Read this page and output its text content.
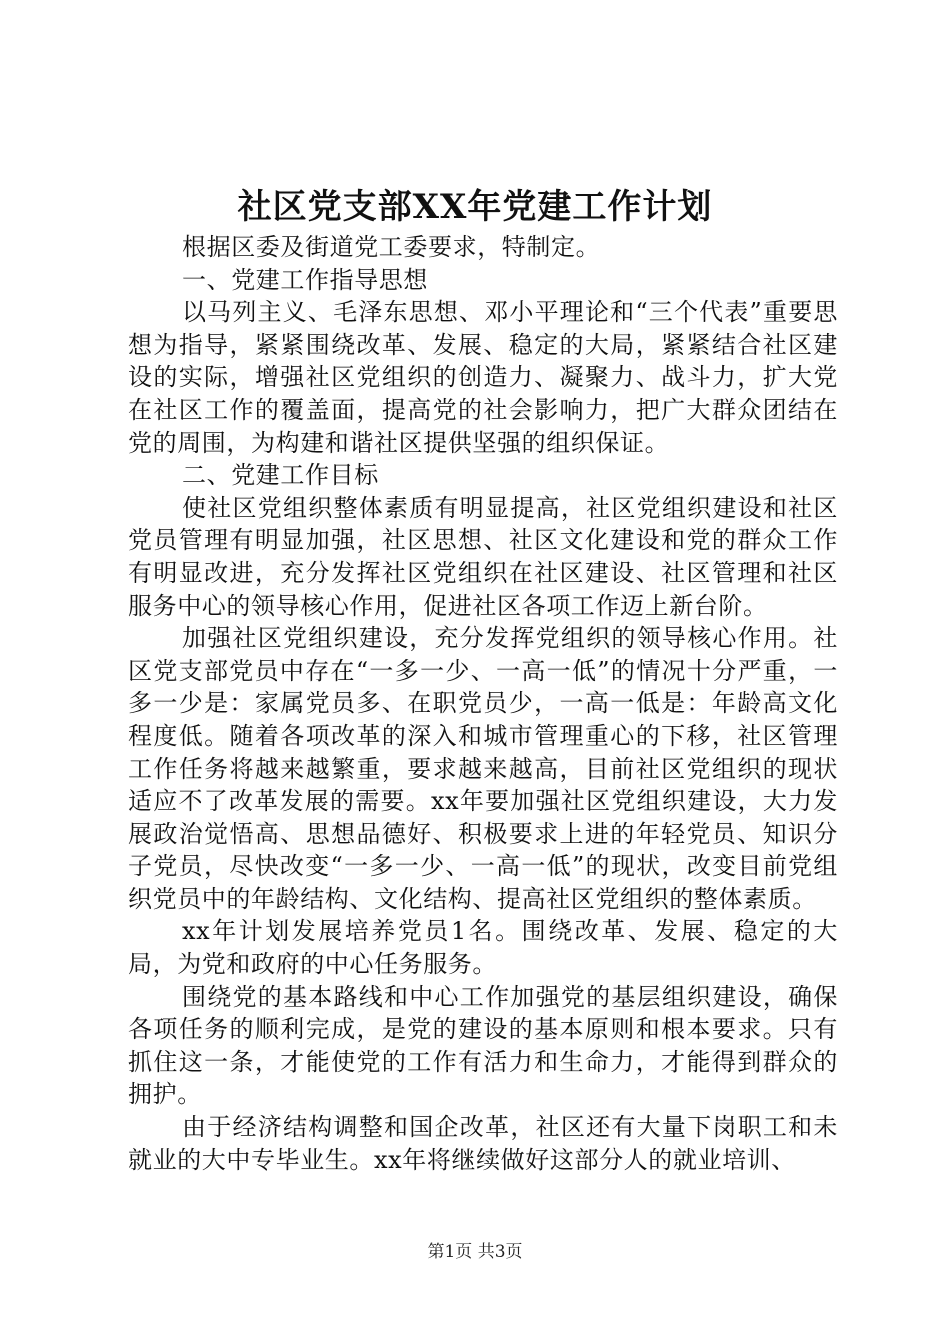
社区党支部XX年党建工作计划

根据区委及街道党工委要求，特制定。

一、党建工作指导思想

以马列主义、毛泽东思想、邓小平理论和“三个代表”重要思想为指导，紧紧围绕改革、发展、稳定的大局，紧紧结合社区建设的实际，增强社区党组织的创造力、凝聚力、战斗力，扩大党在社区工作的覆盖面，提高党的社会影响力，把广大群众团结在党的周围，为构建和谐社区提供坚强的组织保证。

二、党建工作目标

使社区党组织整体素质有明显提高，社区党组织建设和社区党员管理有明显加强，社区思想、社区文化建设和党的群众工作有明显改进，充分发挥社区党组织在社区建设、社区管理和社区服务中心的领导核心作用，促进社区各项工作迈上新台阶。

加强社区党组织建设，充分发挥党组织的领导核心作用。社区党支部党员中存在“一多一少、一高一低”的情况十分严重，一多一少是：家属党员多、在职党员少，一高一低是：年龄高文化程度低。随着各项改革的深入和城市管理重心的下移，社区管理工作任务将越来越繁重，要求越来越高，目前社区党组织的现状适应不了改革发展的需要。xx年要加强社区党组织建设，大力发展政治觉悟高、思想品德好、积极要求上进的年轻党员、知识分子党员，尽快改变“一多一少、一高一低”的现状，改变目前党组织党员中的年龄结构、文化结构、提高社区党组织的整体素质。

xx年计划发展培养党员1名。围绕改革、发展、稳定的大局，为党和政府的中心任务服务。

围绕党的基本路线和中心工作加强党的基层组织建设，确保各项任务的顺利完成，是党的建设的基本原则和根本要求。只有抓住这一条，才能使党的工作有活力和生命力，才能得到群众的拥护。

由于经济结构调整和国企改革，社区还有大量下岗职工和未就业的大中专毕业生。xx年将继续做好这部分人的就业培训、

第1页 共3页
